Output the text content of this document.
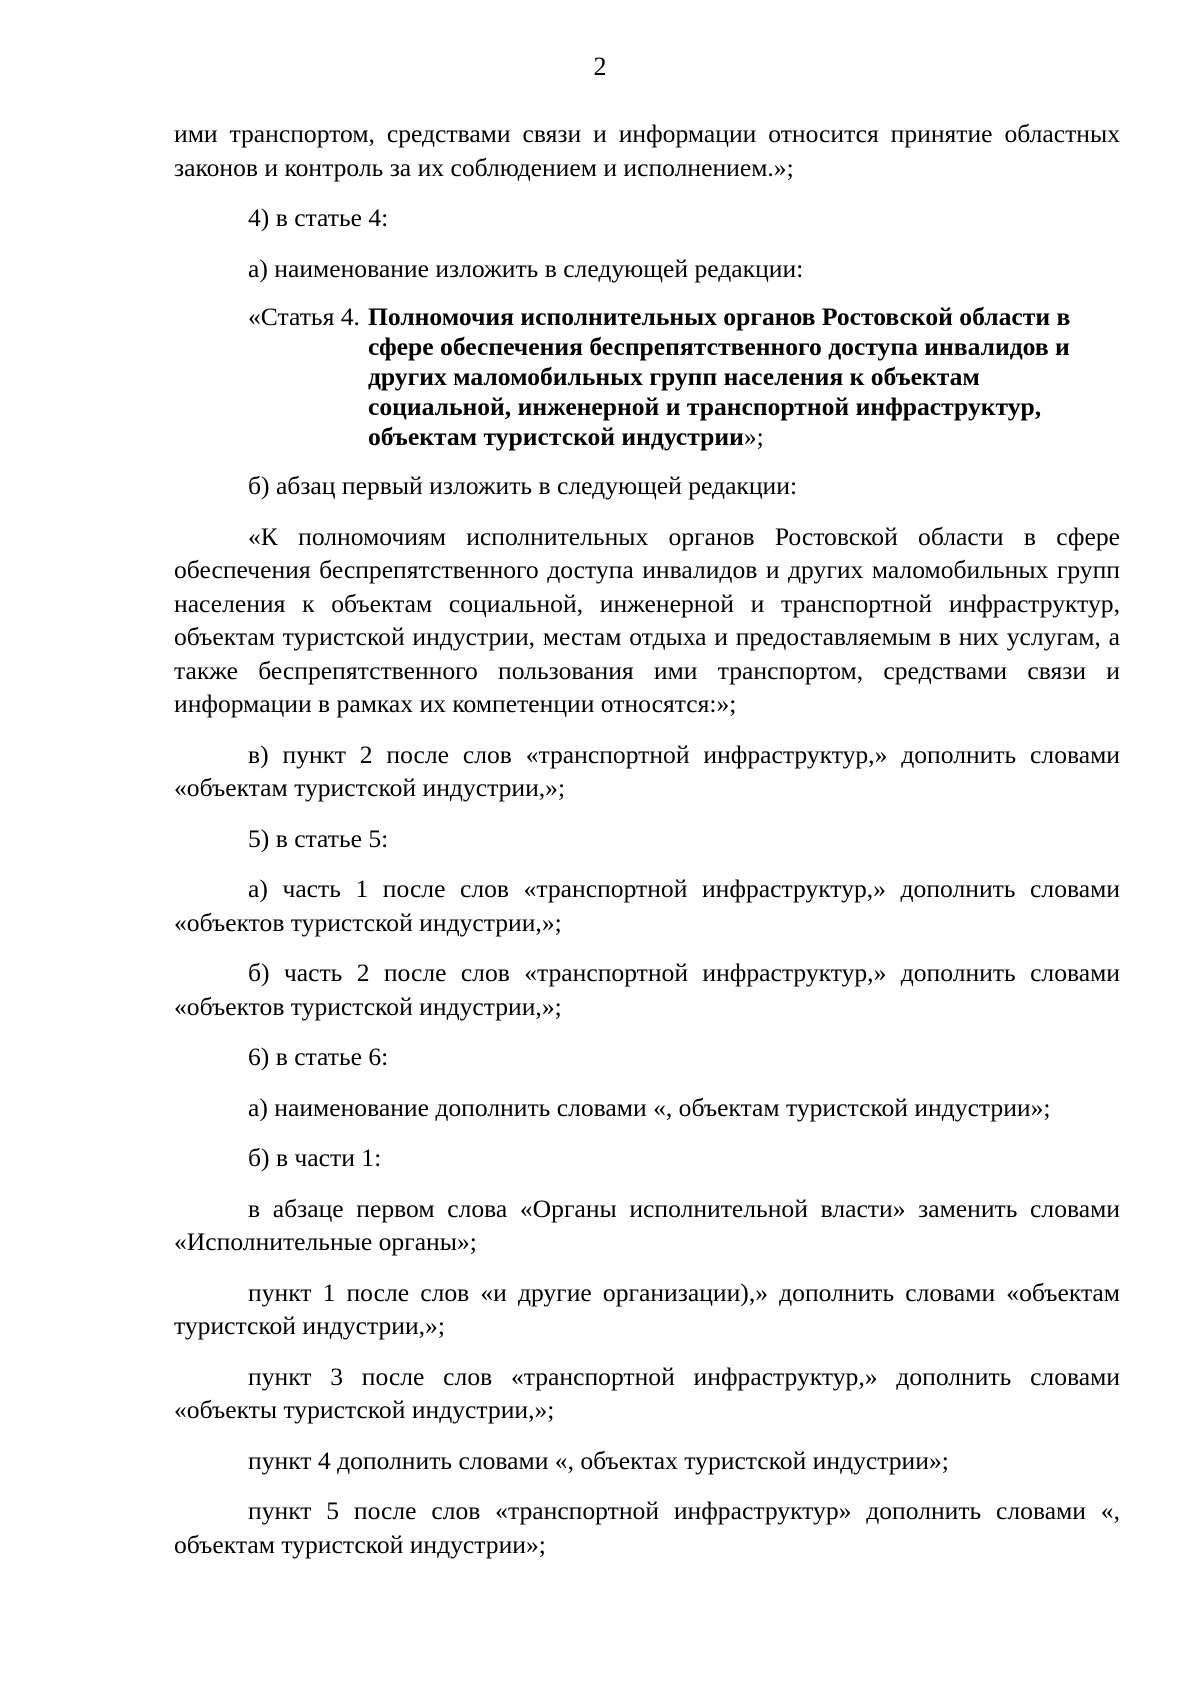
2

ими транспортом, средствами связи и информации относится принятие областных законов и контроль за их соблюдением и исполнением.»;

4) в статье 4:

а) наименование изложить в следующей редакции:

«Статья 4. Полномочия исполнительных органов Ростовской области в сфере обеспечения беспрепятственного доступа инвалидов и других маломобильных групп населения к объектам социальной, инженерной и транспортной инфраструктур, объектам туристской индустрии»;

б) абзац первый изложить в следующей редакции:

«К полномочиям исполнительных органов Ростовской области в сфере обеспечения беспрепятственного доступа инвалидов и других маломобильных групп населения к объектам социальной, инженерной и транспортной инфраструктур, объектам туристской индустрии, местам отдыха и предоставляемым в них услугам, а также беспрепятственного пользования ими транспортом, средствами связи и информации в рамках их компетенции относятся:»;

в) пункт 2 после слов «транспортной инфраструктур,» дополнить словами «объектам туристской индустрии,»;

5) в статье 5:

а) часть 1 после слов «транспортной инфраструктур,» дополнить словами «объектов туристской индустрии,»;

б) часть 2 после слов «транспортной инфраструктур,» дополнить словами «объектов туристской индустрии,»;

6) в статье 6:

а) наименование дополнить словами «, объектам туристской индустрии»;

б) в части 1:

в абзаце первом слова «Органы исполнительной власти» заменить словами «Исполнительные органы»;

пункт 1 после слов «и другие организации),» дополнить словами «объектам туристской индустрии,»;

пункт 3 после слов «транспортной инфраструктур,» дополнить словами «объекты туристской индустрии,»;

пункт 4 дополнить словами «, объектах туристской индустрии»;

пункт 5 после слов «транспортной инфраструктур» дополнить словами «, объектам туристской индустрии»;
